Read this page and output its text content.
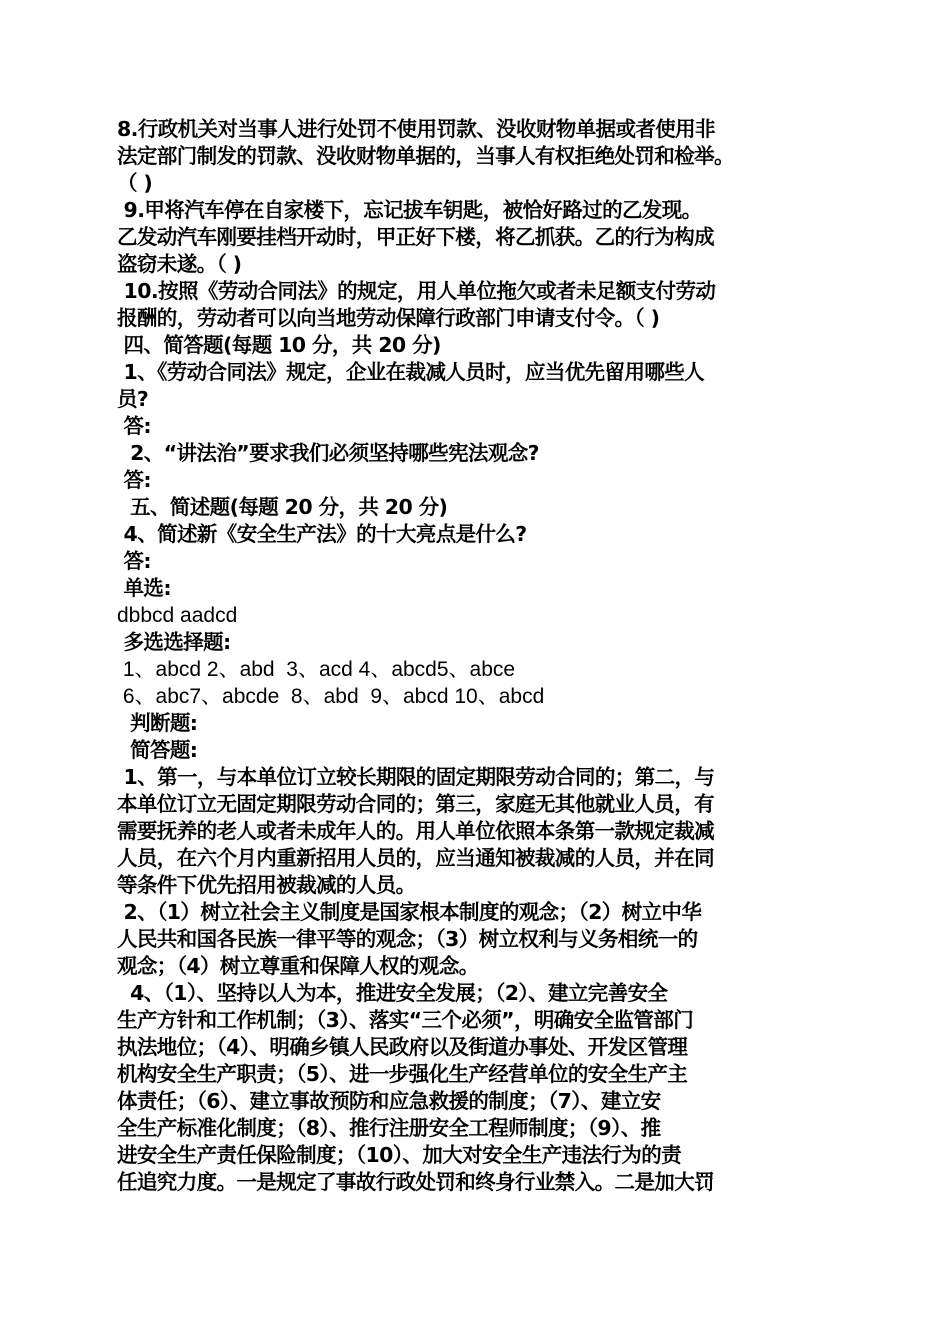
8.行政机关对当事人进行处罚不使用罚款、没收财物单据或者使用非
法定部门制发的罚款、没收财物单据的，当事人有权拒绝处罚和检举。
（ )
9.甲将汽车停在自家楼下，忘记拔车钥匙，被恰好路过的乙发现。
乙发动汽车刚要挂档开动时，甲正好下楼，将乙抓获。乙的行为构成
盗窃未遂。（ )
10.按照《劳动合同法》的规定，用人单位拖欠或者未足额支付劳动
报酬的，劳动者可以向当地劳动保障行政部门申请支付令。（ )
四、简答题(每题 10 分，共 20 分)
1、《劳动合同法》规定，企业在裁减人员时，应当优先留用哪些人
员?
答:
2、“讲法治”要求我们必须坚持哪些宪法观念?
答:
五、简述题(每题 20 分，共 20 分)
4、简述新《安全生产法》的十大亮点是什么?
答:
单选:
dbbcd aadcd
多选选择题:
1、abcd 2、abd  3、acd 4、abcd5、abce
6、abc7、abcde  8、abd  9、abcd 10、abcd
判断题:
简答题:
1、第一，与本单位订立较长期限的固定期限劳动合同的；第二，与
本单位订立无固定期限劳动合同的；第三，家庭无其他就业人员，有
需要抚养的老人或者未成年人的。用人单位依照本条第一款规定裁减
人员，在六个月内重新招用人员的，应当通知被裁减的人员，并在同
等条件下优先招用被裁减的人员。
2、（1）树立社会主义制度是国家根本制度的观念；（2）树立中华
人民共和国各民族一律平等的观念；（3）树立权利与义务相统一的
观念；（4）树立尊重和保障人权的观念。
4、（1）、坚持以人为本，推进安全发展；（2）、建立完善安全
生产方针和工作机制；（3）、落实“三个必须”，明确安全监管部门
执法地位；（4）、明确乡镇人民政府以及街道办事处、开发区管理
机构安全生产职责；（5）、进一步强化生产经营单位的安全生产主
体责任；（6）、建立事故预防和应急救援的制度；（7）、建立安
全生产标准化制度；（8）、推行注册安全工程师制度；（9）、推
进安全生产责任保险制度；（10）、加大对安全生产违法行为的责
任追究力度。一是规定了事故行政处罚和终身行业禁入。二是加大罚
